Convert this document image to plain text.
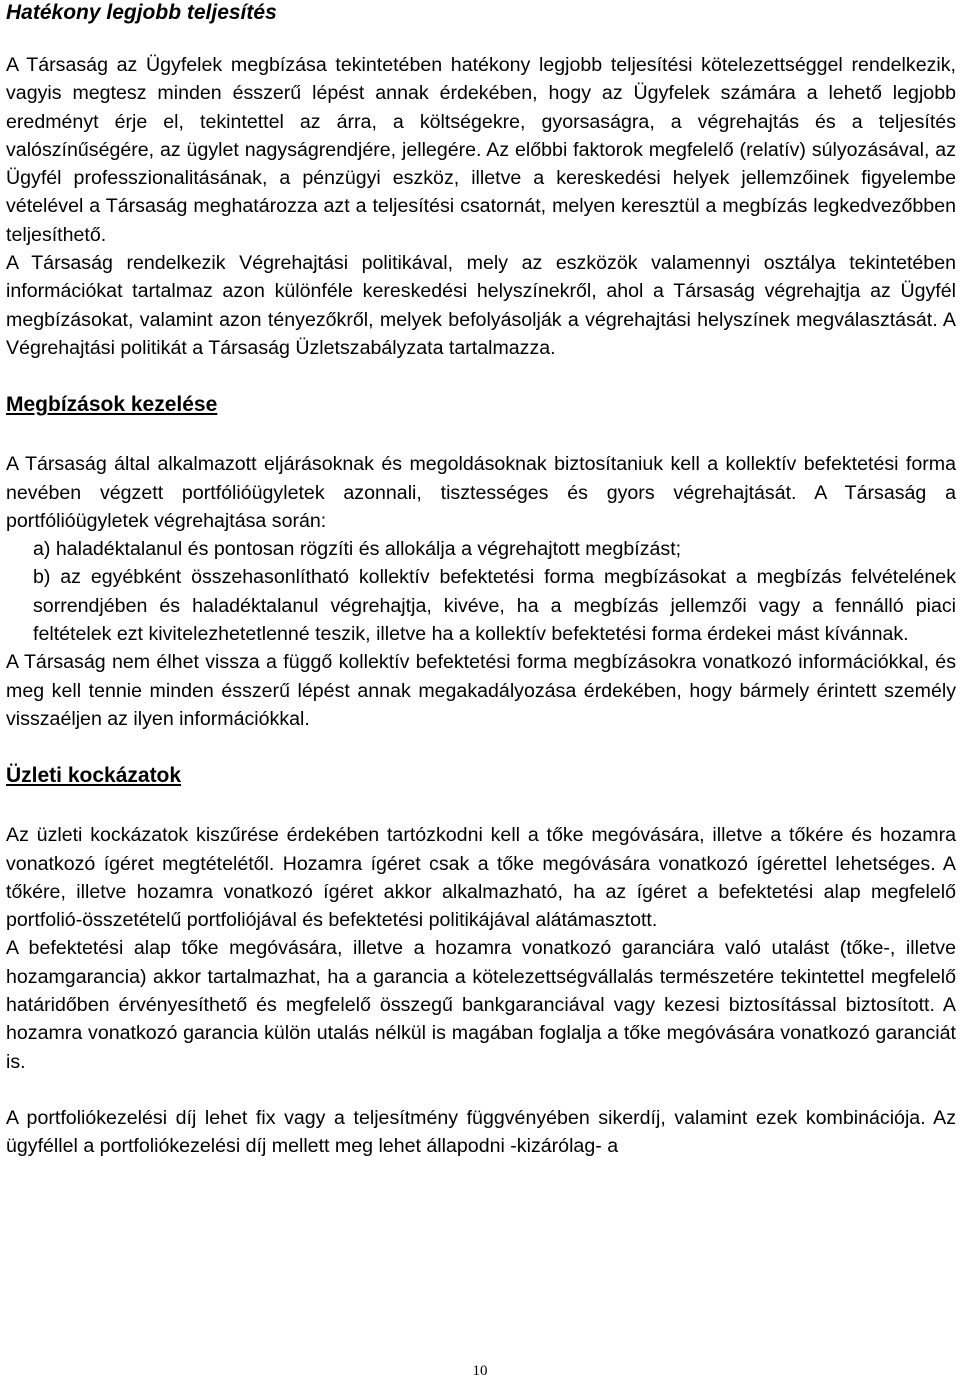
Hatékony legjobb teljesítés

A Társaság az Ügyfelek megbízása tekintetében hatékony legjobb teljesítési kötelezettséggel rendelkezik, vagyis megtesz minden ésszerű lépést annak érdekében, hogy az Ügyfelek számára a lehető legjobb eredményt érje el, tekintettel az árra, a költségekre, gyorsaságra, a végrehajtás és a teljesítés valószínűségére, az ügylet nagyságrendjére, jellegére. Az előbbi faktorok megfelelő (relatív) súlyozásával, az Ügyfél professzionalitásának, a pénzügyi eszköz, illetve a kereskedési helyek jellemzőinek figyelembe vételével a Társaság meghatározza azt a teljesítési csatornát, melyen keresztül a megbízás legkedvezőbben teljesíthető.

A Társaság rendelkezik Végrehajtási politikával, mely az eszközök valamennyi osztálya tekintetében információkat tartalmaz azon különféle kereskedési helyszínekről, ahol a Társaság végrehajtja az Ügyfél megbízásokat, valamint azon tényezőkről, melyek befolyásolják a végrehajtási helyszínek megválasztását. A Végrehajtási politikát a Társaság Üzletszabályzata tartalmazza.

Megbízások kezelése

A Társaság által alkalmazott eljárásoknak és megoldásoknak biztosítaniuk kell a kollektív befektetési forma nevében végzett portfólióügyletek azonnali, tisztességes és gyors végrehajtását. A Társaság a portfólióügyletek végrehajtása során:

a) haladéktalanul és pontosan rögzíti és allokálja a végrehajtott megbízást;

b) az egyébként összehasonlítható kollektív befektetési forma megbízásokat a megbízás felvételének sorrendjében és haladéktalanul végrehajtja, kivéve, ha a megbízás jellemzői vagy a fennálló piaci feltételek ezt kivitelezhetetlenné teszik, illetve ha a kollektív befektetési forma érdekei mást kívánnak.

A Társaság nem élhet vissza a függő kollektív befektetési forma megbízásokra vonatkozó információkkal, és meg kell tennie minden ésszerű lépést annak megakadályozása érdekében, hogy bármely érintett személy visszaéljen az ilyen információkkal.

Üzleti kockázatok

Az üzleti kockázatok kiszűrése érdekében tartózkodni kell a tőke megóvására, illetve a tőkére és hozamra vonatkozó ígéret megtételétől. Hozamra ígéret csak a tőke megóvására vonatkozó ígérettel lehetséges. A tőkére, illetve hozamra vonatkozó ígéret akkor alkalmazható, ha az ígéret a befektetési alap megfelelő portfolió-összetételű portfoliójával és befektetési politikájával alátámasztott.

A befektetési alap tőke megóvására, illetve a hozamra vonatkozó garanciára való utalást (tőke-, illetve hozamgarancia) akkor tartalmazhat, ha a garancia a kötelezettségvállalás természetére tekintettel megfelelő határidőben érvényesíthető és megfelelő összegű bankgaranciával vagy kezesi biztosítással biztosított. A hozamra vonatkozó garancia külön utalás nélkül is magában foglalja a tőke megóvására vonatkozó garanciát is.

A portfoliókezelési díj lehet fix vagy a teljesítmény függvényében sikerdíj, valamint ezek kombinációja. Az ügyféllel a portfoliókezelési díj mellett meg lehet állapodni -kizárólag- a

10
